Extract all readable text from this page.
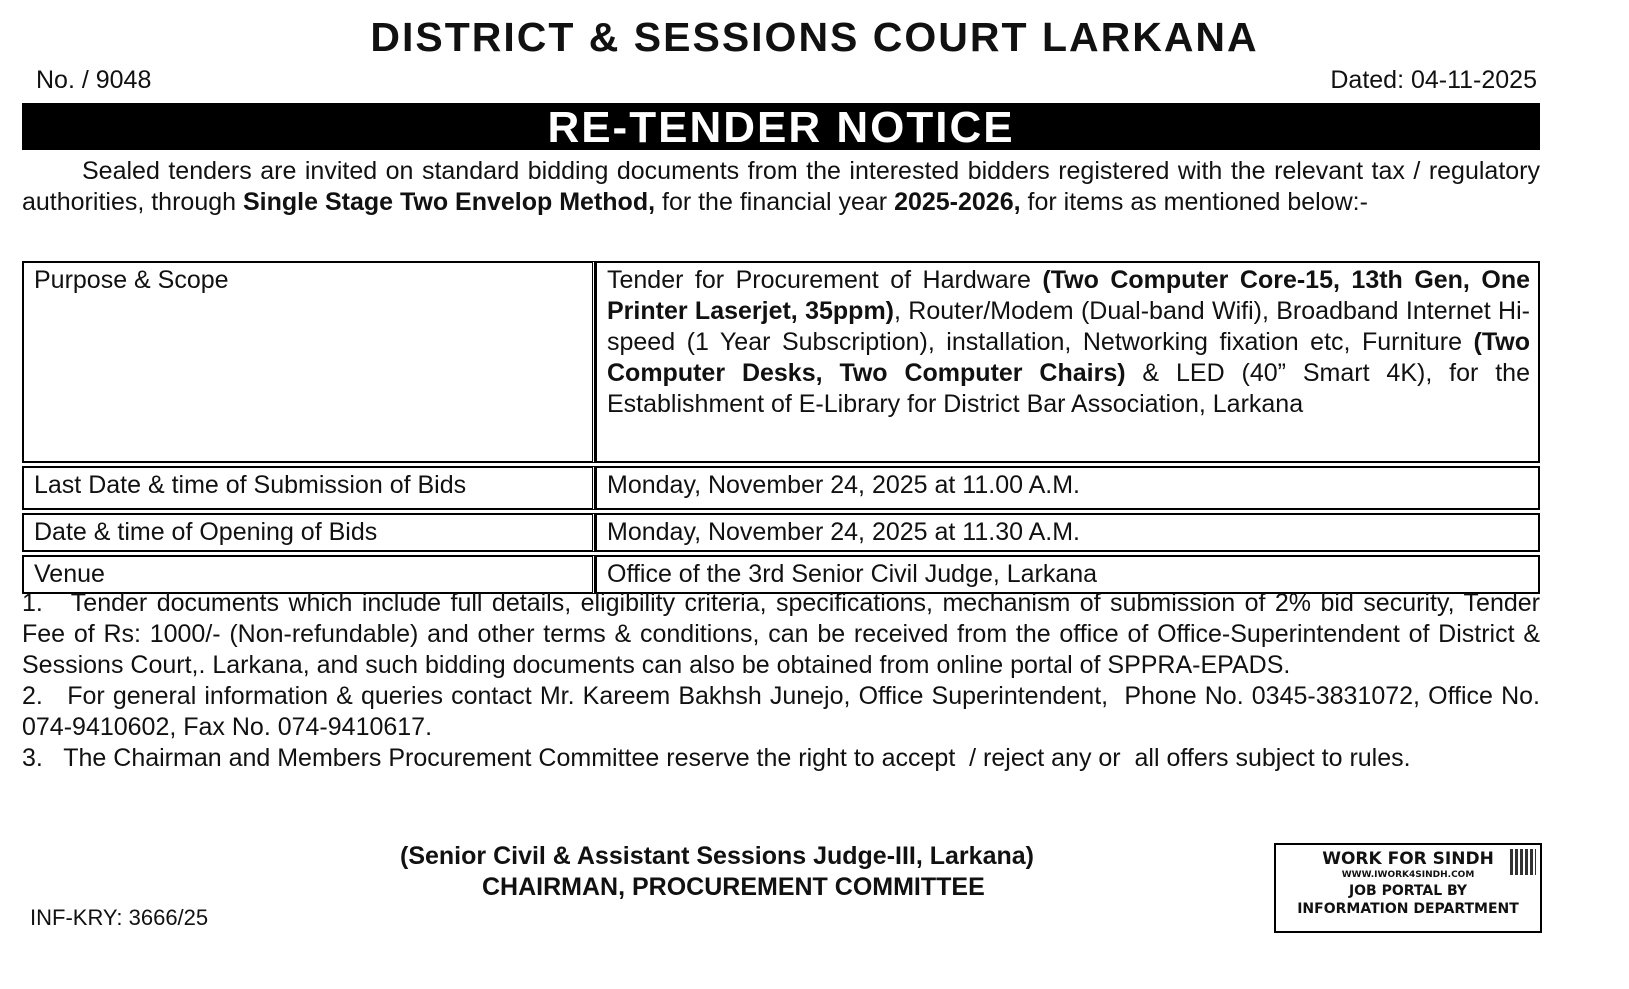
DISTRICT & SESSIONS COURT LARKANA
No. / 9048	Dated: 04-11-2025
RE-TENDER NOTICE
Sealed tenders are invited on standard bidding documents from the interested bidders registered with the relevant tax / regulatory authorities, through Single Stage Two Envelop Method, for the financial year 2025-2026, for items as mentioned below:-
Purpose & Scope	Tender for Procurement of Hardware (Two Computer Core-15, 13th Gen, One Printer Laserjet, 35ppm), Router/Modem (Dual-band Wifi), Broadband Internet Hi-speed (1 Year Subscription), installation, Networking fixation etc, Furniture (Two Computer Desks, Two Computer Chairs) & LED (40” Smart 4K), for the Establishment of E-Library for District Bar Association, Larkana
Last Date & time of Submission of Bids	Monday, November 24, 2025 at 11.00 A.M.
Date & time of Opening of Bids	Monday, November 24, 2025 at 11.30 A.M.
Venue	Office of the 3rd Senior Civil Judge, Larkana
1.   Tender documents which include full details, eligibility criteria, specifications, mechanism of submission of 2% bid security, Tender Fee of Rs: 1000/- (Non-refundable) and other terms & conditions, can be received from the office of Office-Superintendent of District & Sessions Court,. Larkana, and such bidding documents can also be obtained from online portal of SPPRA-EPADS.
2.   For general information & queries contact Mr. Kareem Bakhsh Junejo, Office Superintendent,  Phone No. 0345-3831072, Office No. 074-9410602, Fax No. 074-9410617.
3.   The Chairman and Members Procurement Committee reserve the right to accept  / reject any or  all offers subject to rules.
(Senior Civil & Assistant Sessions Judge-III, Larkana)
CHAIRMAN, PROCUREMENT COMMITTEE
INF-KRY: 3666/25
WORK FOR SINDH
WWW.IWORK4SINDH.COM
JOB PORTAL BY
INFORMATION DEPARTMENT
